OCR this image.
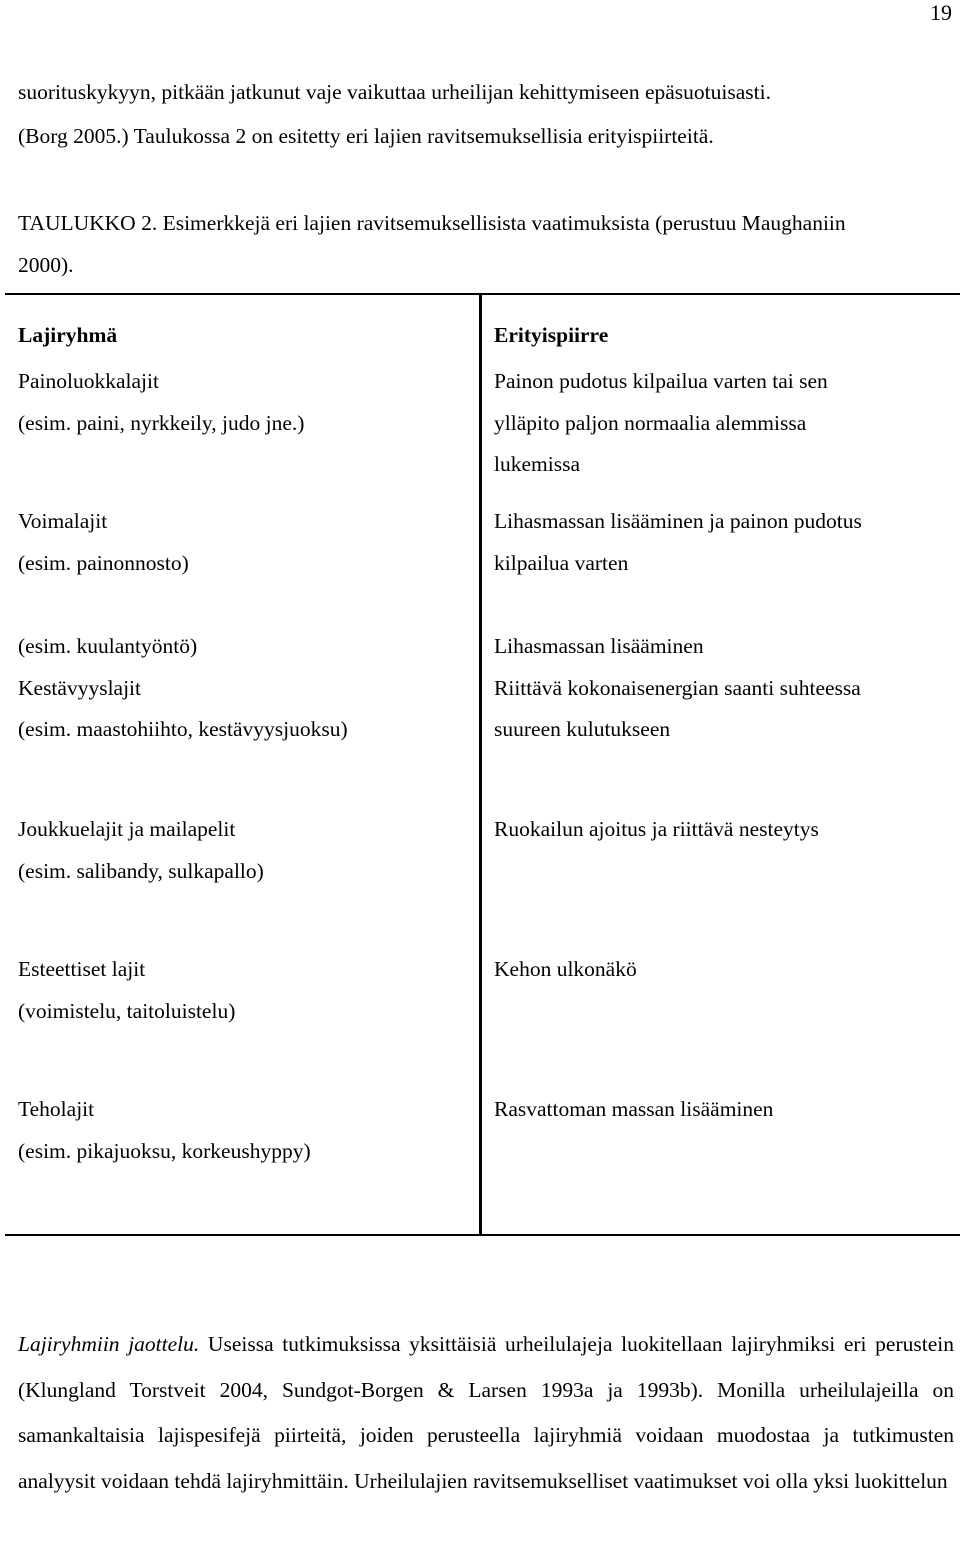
19

suorituskykyyn, pitkään jatkunut vaje vaikuttaa urheilijan kehittymiseen epäsuotuisasti.

(Borg 2005.) Taulukossa 2 on esitetty eri lajien ravitsemuksellisia erityispiirteitä.

TAULUKKO 2. Esimerkkejä eri lajien ravitsemuksellisista vaatimuksista (perustuu Maughaniin

2000).

Lajiryhmä	Erityispiirre
Painoluokkalajit
(esim. paini, nyrkkeily, judo jne.)
Painon pudotus kilpailua varten tai sen
ylläpito paljon normaalia alemmissa
lukemissa
Voimalajit
(esim. painonnosto)
Lihasmassan lisääminen ja painon pudotus
kilpailua varten
(esim. kuulantyöntö)
Kestävyyslajit
(esim. maastohiihto, kestävyysjuoksu)
Lihasmassan lisääminen
Riittävä kokonaisenergian saanti suhteessa
suureen kulutukseen
Joukkuelajit ja mailapelit
(esim. salibandy, sulkapallo)
Ruokailun ajoitus ja riittävä nesteytys
Esteettiset lajit
(voimistelu, taitoluistelu)
Kehon ulkonäkö
Teholajit
(esim. pikajuoksu, korkeushyppy)
Rasvattoman massan lisääminen
Lajiryhmiin jaottelu. Useissa tutkimuksissa yksittäisiä urheilulajeja luokitellaan lajiryhmiksi eri perustein (Klungland Torstveit 2004, Sundgot-Borgen & Larsen 1993a ja 1993b). Monilla urheilulajeilla on samankaltaisia lajispesifejä piirteitä, joiden perusteella lajiryhmiä voidaan muodostaa ja tutkimusten analyysit voidaan tehdä lajiryhmittäin. Urheilulajien ravitsemukselliset vaatimukset voi olla yksi luokittelun
